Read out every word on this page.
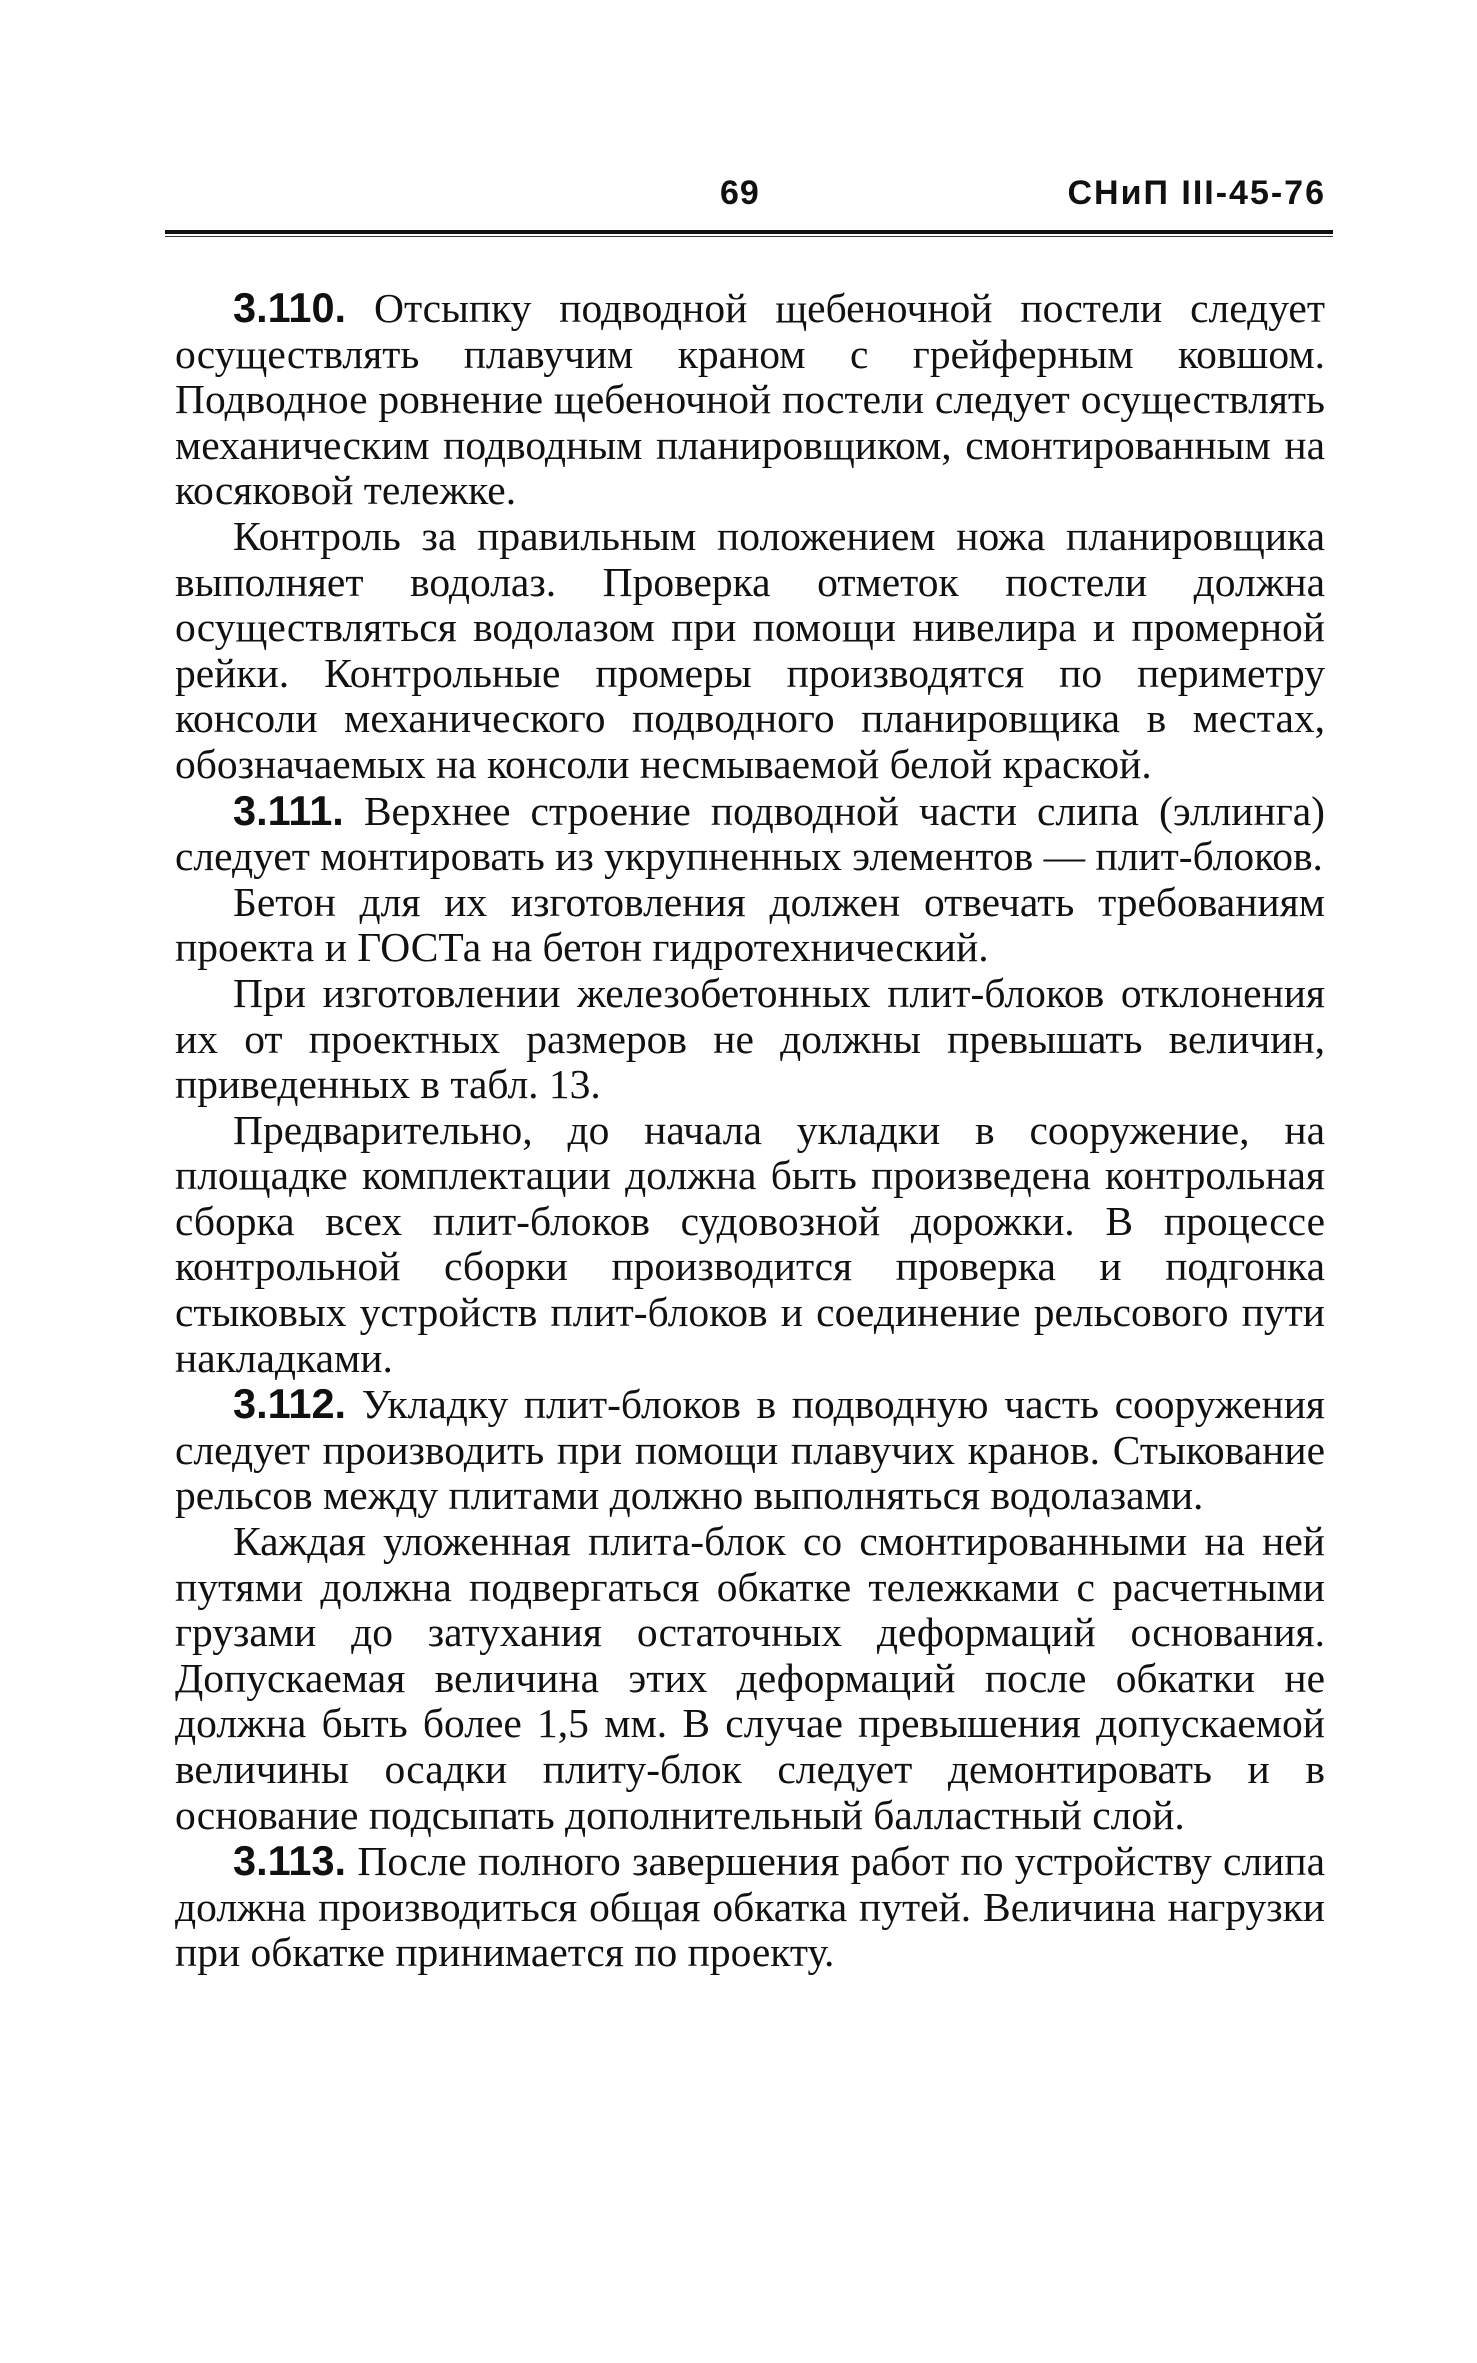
69	СНиП III-45-76

3.110. Отсыпку подводной щебеночной постели следует осуществлять плавучим краном с грейферным ковшом. Подводное ровнение щебеночной постели следует осуществлять механическим подводным планировщиком, смонтированным на косяковой тележке.

Контроль за правильным положением ножа планировщика выполняет водолаз. Проверка отметок постели должна осуществляться водолазом при помощи нивелира и промерной рейки. Контрольные промеры производятся по периметру консоли механического подводного планировщика в местах, обозначаемых на консоли несмываемой белой краской.

3.111. Верхнее строение подводной части слипа (эллинга) следует монтировать из укрупненных элементов — плит-блоков.

Бетон для их изготовления должен отвечать требованиям проекта и ГОСТа на бетон гидротехнический.

При изготовлении железобетонных плит-блоков отклонения их от проектных размеров не должны превышать величин, приведенных в табл. 13.

Предварительно, до начала укладки в сооружение, на площадке комплектации должна быть произведена контрольная сборка всех плит-блоков судовозной дорожки. В процессе контрольной сборки производится проверка и подгонка стыковых устройств плит-блоков и соединение рельсового пути накладками.

3.112. Укладку плит-блоков в подводную часть сооружения следует производить при помощи плавучих кранов. Стыкование рельсов между плитами должно выполняться водолазами.

Каждая уложенная плита-блок со смонтированными на ней путями должна подвергаться обкатке тележками с расчетными грузами до затухания остаточных деформаций основания. Допускаемая величина этих деформаций после обкатки не должна быть более 1,5 мм. В случае превышения допускаемой величины осадки плиту-блок следует демонтировать и в основание подсыпать дополнительный балластный слой.

3.113. После полного завершения работ по устройству слипа должна производиться общая обкатка путей. Величина нагрузки при обкатке принимается по проекту.
